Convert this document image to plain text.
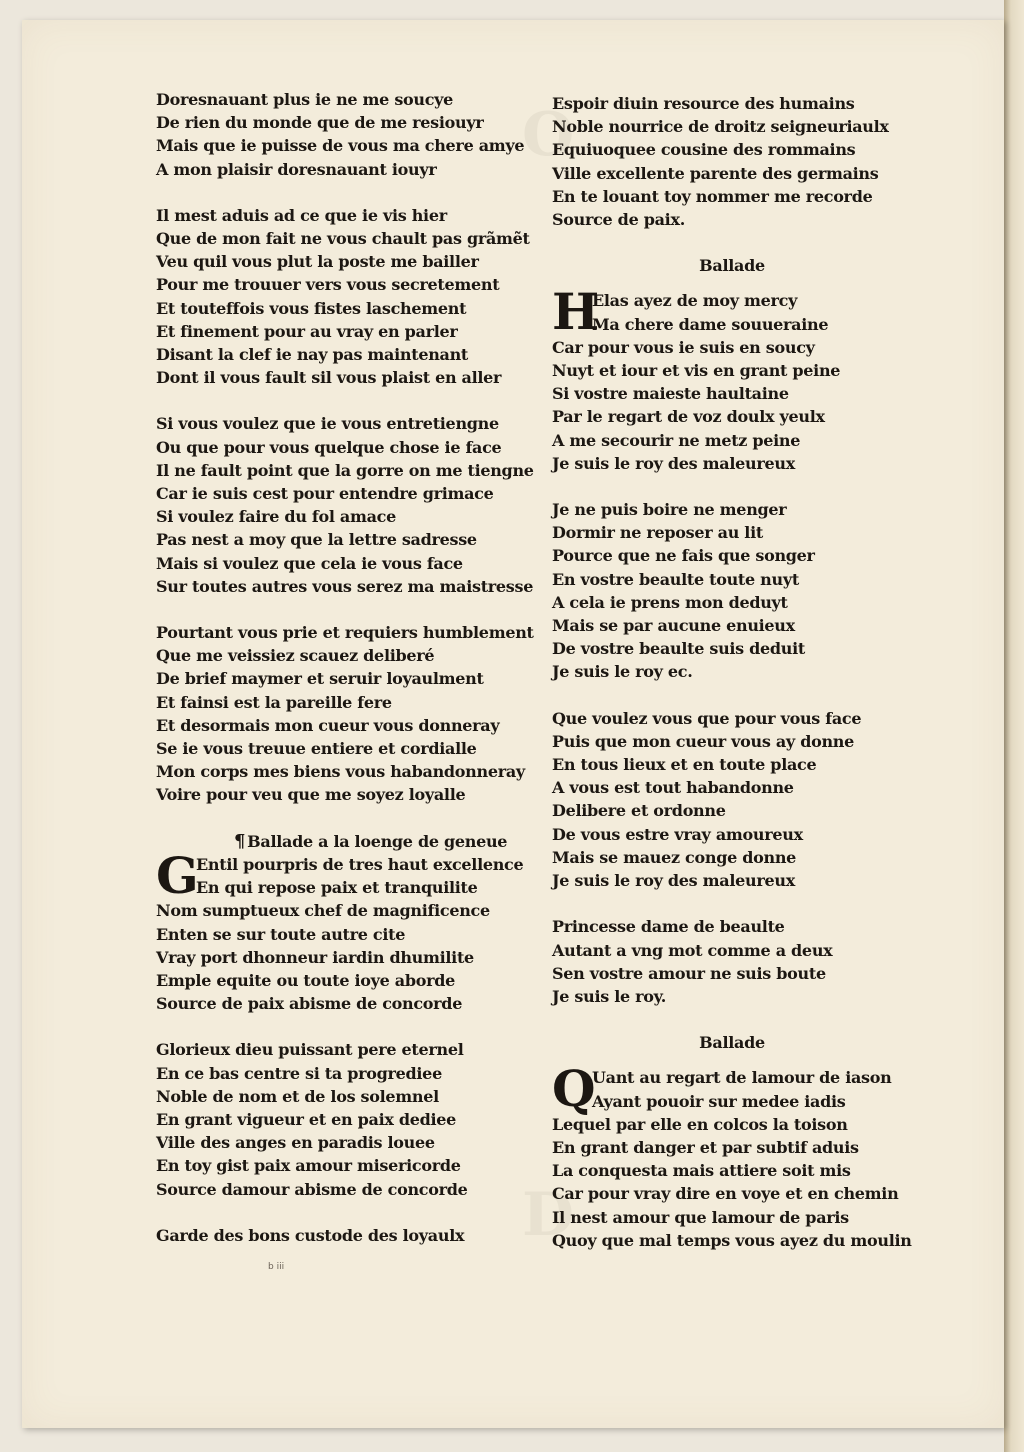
O
D
Doresnauant plus ie ne me soucye
De rien du monde que de me resiouyr
Mais que ie puisse de vous ma chere amye
A mon plaisir doresnauant iouyr
Il mest aduis ad ce que ie vis hier
Que de mon fait ne vous chault pas grãmẽt
Veu quil vous plut la poste me bailler
Pour me trouuer vers vous secretement
Et touteffois vous fistes laschement
Et finement pour au vray en parler
Disant la clef ie nay pas maintenant
Dont il vous fault sil vous plaist en aller
Si vous voulez que ie vous entretiengne
Ou que pour vous quelque chose ie face
Il ne fault point que la gorre on me tiengne
Car ie suis cest pour entendre grimace
Si voulez faire du fol amace
Pas nest a moy que la lettre sadresse
Mais si voulez que cela ie vous face
Sur toutes autres vous serez ma maistresse
Pourtant vous prie et requiers humblement
Que me veissiez scauez deliberé
De brief maymer et seruir loyaulment
Et fainsi est la pareille fere
Et desormais mon cueur vous donneray
Se ie vous treuue entiere et cordialle
Mon corps mes biens vous habandonneray
Voire pour veu que me soyez loyalle
¶ Ballade a la loenge de geneue
G
Entil pourpris de tres haut excellence
En qui repose paix et tranquilite
Nom sumptueux chef de magnificence
Enten se sur toute autre cite
Vray port dhonneur iardin dhumilite
Emple equite ou toute ioye aborde
Source de paix abisme de concorde
Glorieux dieu puissant pere eternel
En ce bas centre si ta progrediee
Noble de nom et de los solemnel
En grant vigueur et en paix dediee
Ville des anges en paradis louee
En toy gist paix amour misericorde
Source damour abisme de concorde
Garde des bons custode des loyaulx
b iii
Espoir diuin resource des humains
Noble nourrice de droitz seigneuriaulx
Equiuoquee cousine des rommains
Ville excellente parente des germains
En te louant toy nommer me recorde
Source de paix.
Ballade
H
Elas ayez de moy mercy
Ma chere dame souueraine
Car pour vous ie suis en soucy
Nuyt et iour et vis en grant peine
Si vostre maieste haultaine
Par le regart de voz doulx yeulx
A me secourir ne metz peine
Je suis le roy des maleureux
Je ne puis boire ne menger
Dormir ne reposer au lit
Pource que ne fais que songer
En vostre beaulte toute nuyt
A cela ie prens mon deduyt
Mais se par aucune enuieux
De vostre beaulte suis deduit
Je suis le roy ec.
Que voulez vous que pour vous face
Puis que mon cueur vous ay donne
En tous lieux et en toute place
A vous est tout habandonne
Delibere et ordonne
De vous estre vray amoureux
Mais se mauez conge donne
Je suis le roy des maleureux
Princesse dame de beaulte
Autant a vng mot comme a deux
Sen vostre amour ne suis boute
Je suis le roy.
Ballade
Q
Uant au regart de lamour de iason
Ayant pouoir sur medee iadis
Lequel par elle en colcos la toison
En grant danger et par subtif aduis
La conquesta mais attiere soit mis
Car pour vray dire en voye et en chemin
Il nest amour que lamour de paris
Quoy que mal temps vous ayez du moulin
